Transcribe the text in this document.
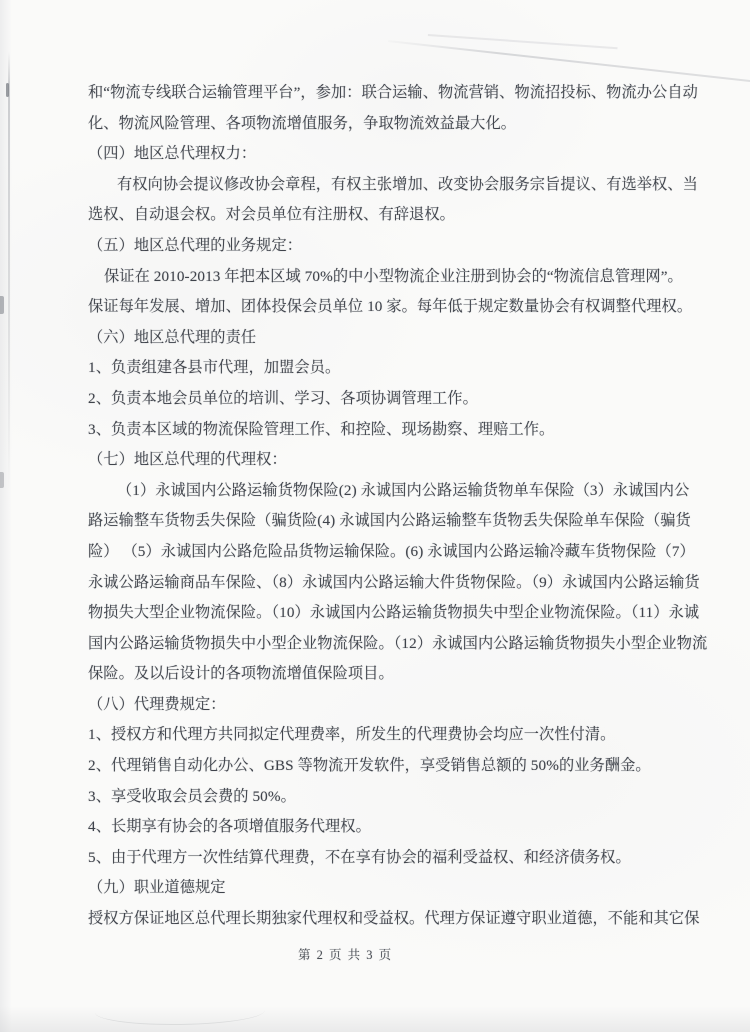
和“物流专线联合运输管理平台”，参加：联合运输、物流营销、物流招投标、物流办公自动
化、物流风险管理、各项物流增值服务，争取物流效益最大化。
（四）地区总代理权力：
有权向协会提议修改协会章程，有权主张增加、改变协会服务宗旨提议、有选举权、当
选权、自动退会权。对会员单位有注册权、有辞退权。
（五）地区总代理的业务规定：
保证在 2010-2013 年把本区域 70%的中小型物流企业注册到协会的“物流信息管理网”。
保证每年发展、增加、团体投保会员单位 10 家。每年低于规定数量协会有权调整代理权。
（六）地区总代理的责任
1、负责组建各县市代理，加盟会员。
2、负责本地会员单位的培训、学习、各项协调管理工作。
3、负责本区域的物流保险管理工作、和控险、现场勘察、理赔工作。
（七）地区总代理的代理权：
（1）永诚国内公路运输货物保险(2) 永诚国内公路运输货物单车保险（3）永诚国内公
路运输整车货物丢失保险（骗货险(4) 永诚国内公路运输整车货物丢失保险单车保险（骗货
险） （5）永诚国内公路危险品货物运输保险。(6) 永诚国内公路运输冷藏车货物保险（7）
永诚公路运输商品车保险、（8）永诚国内公路运输大件货物保险。（9）永诚国内公路运输货
物损失大型企业物流保险。（10）永诚国内公路运输货物损失中型企业物流保险。（11）永诚
国内公路运输货物损失中小型企业物流保险。（12）永诚国内公路运输货物损失小型企业物流
保险。及以后设计的各项物流增值保险项目。
（八）代理费规定：
1、授权方和代理方共同拟定代理费率，所发生的代理费协会均应一次性付清。
2、代理销售自动化办公、GBS 等物流开发软件，享受销售总额的 50%的业务酬金。
3、享受收取会员会费的 50%。
4、长期享有协会的各项增值服务代理权。
5、由于代理方一次性结算代理费，不在享有协会的福利受益权、和经济债务权。
（九）职业道德规定
授权方保证地区总代理长期独家代理权和受益权。代理方保证遵守职业道德，不能和其它保
第 2 页 共 3 页
